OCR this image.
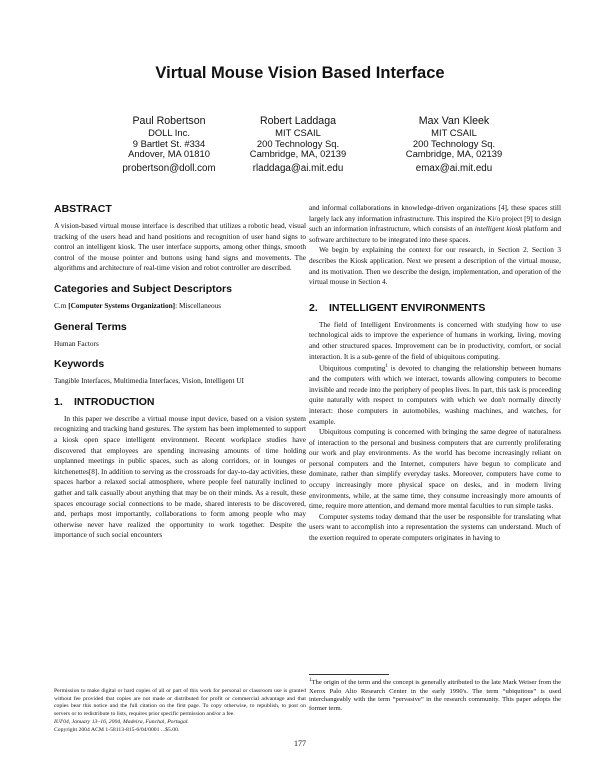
Virtual Mouse Vision Based Interface
Paul Robertson
DOLL Inc.
9 Bartlet St. #334
Andover, MA 01810
probertson@doll.com
Robert Laddaga
MIT CSAIL
200 Technology Sq.
Cambridge, MA, 02139
rladdaga@ai.mit.edu
Max Van Kleek
MIT CSAIL
200 Technology Sq.
Cambridge, MA, 02139
emax@ai.mit.edu
ABSTRACT

A vision-based virtual mouse interface is described that utilizes a robotic head, visual tracking of the users head and hand positions and recognition of user hand signs to control an intelligent kiosk. The user interface supports, among other things, smooth control of the mouse pointer and buttons using hand signs and movements. The algorithms and architecture of real-time vision and robot controller are described.

Categories and Subject Descriptors

C.m [Computer Systems Organization]: Miscellaneous

General Terms

Human Factors

Keywords

Tangible Interfaces, Multimedia Interfaces, Vision, Intelligent UI

1. INTRODUCTION

In this paper we describe a virtual mouse input device, based on a vision system recognizing and tracking hand gestures. The system has been implemented to support a kiosk open space intelligent environment. Recent workplace studies have discovered that employees are spending increasing amounts of time holding unplanned meetings in public spaces, such as along corridors, or in lounges or kitchenettes[8]. In addition to serving as the crossroads for day-to-day activities, these spaces harbor a relaxed social atmosphere, where people feel naturally inclined to gather and talk casually about anything that may be on their minds. As a result, these spaces encourage social connections to be made, shared interests to be discovered, and, perhaps most importantly, collaborations to form among people who may otherwise never have realized the opportunity to work together. Despite the importance of such social encounters

Permission to make digital or hard copies of all or part of this work for personal or classroom use is granted without fee provided that copies are not made or distributed for profit or commercial advantage and that copies bear this notice and the full citation on the first page. To copy otherwise, to republish, to post on servers or to redistribute to lists, requires prior specific permission and/or a fee.

IUI'04, January 13–16, 2004, Madeira, Funchal, Portugal.
Copyright 2004 ACM 1-58113-815-6/04/0001 ...$5.00.

and informal collaborations in knowledge-driven organizations [4], these spaces still largely lack any information infrastructure. This inspired the Ki/o project [9] to design such an information infrastructure, which consists of an intelligent kiosk platform and software architecture to be integrated into these spaces.

We begin by explaining the context for our research, in Section 2. Section 3 describes the Kiosk application. Next we present a description of the virtual mouse, and its motivation. Then we describe the design, implementation, and operation of the virtual mouse in Section 4.

2. INTELLIGENT ENVIRONMENTS

The field of Intelligent Environments is concerned with studying how to use technological aids to improve the experience of humans in working, living, moving and other structured spaces. Improvement can be in productivity, comfort, or social interaction. It is a sub-genre of the field of ubiquitous computing.

Ubiquitous computing$^1$ is devoted to changing the relationship between humans and the computers with which we interact, towards allowing computers to become invisible and recede into the periphery of peoples lives. In part, this task is proceeding quite naturally with respect to computers with which we don't normally directly interact: those computers in automobiles, washing machines, and watches, for example.

Ubiquitous computing is concerned with bringing the same degree of naturalness of interaction to the personal and business computers that are currently proliferating our work and play environments. As the world has become increasingly reliant on personal computers and the Internet, computers have begun to complicate and dominate, rather than simplify everyday tasks. Moreover, computers have come to occupy increasingly more physical space on desks, and in modern living environments, while, at the same time, they consume increasingly more amounts of time, require more attention, and demand more mental faculties to run simple tasks.

Computer systems today demand that the user be responsible for translating what users want to accomplish into a representation the systems can understand. Much of the exertion required to operate computers originates in having to

$^1$The origin of the term and the concept is generally attributed to the late Mark Weiser from the Xerox Palo Alto Research Center in the early 1990's. The term “ubiquitous” is used interchangeably with the term “pervasive” in the research community. This paper adopts the former term.
177
